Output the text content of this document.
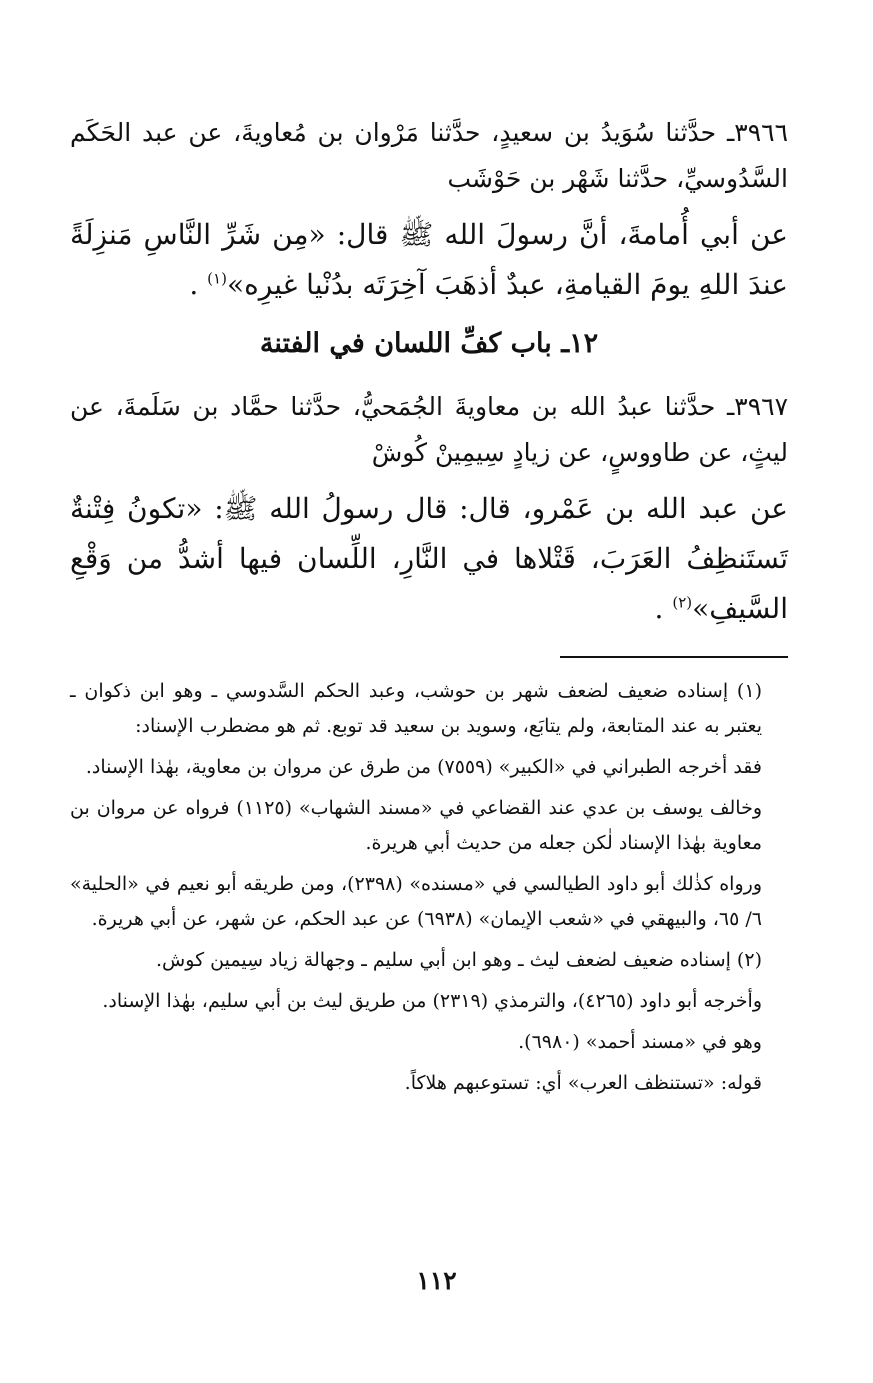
٣٩٦٦ـ حدَّثنا سُوَيدُ بن سعيدٍ، حدَّثنا مَرْوان بن مُعاويةَ، عن عبد الحَكَم السَّدُوسيِّ، حدَّثنا شَهْر بن حَوْشَب

عن أبي أُمامةَ، أنَّ رسولَ الله ﷺ قال: «مِن شَرِّ النَّاسِ مَنزِلَةً عندَ اللهِ يومَ القيامةِ، عبدٌ أذهَبَ آخِرَتَه بدُنْيا غيرِه»$^{(١)}$ .

١٢ـ باب كفِّ اللسان في الفتنة

٣٩٦٧ـ حدَّثنا عبدُ الله بن معاويةَ الجُمَحيُّ، حدَّثنا حمَّاد بن سَلَمةَ، عن ليثٍ، عن طاووسٍ، عن زيادٍ سِيمِينْ كُوشْ

عن عبد الله بن عَمْرو، قال: قال رسولُ الله ﷺ: «تكونُ فِتْنةٌ تَستَنظِفُ العَرَبَ، قَتْلاها في النَّارِ، اللِّسان فيها أشدُّ من وَقْعِ السَّيفِ»$^{(٢)}$ .

(١) إسناده ضعيف لضعف شهر بن حوشب، وعبد الحكم السَّدوسي ـ وهو ابن ذكوان ـ يعتبر به عند المتابعة، ولم يتابَع، وسويد بن سعيد قد توبع. ثم هو مضطرب الإسناد:

فقد أخرجه الطبراني في «الكبير» (٧٥٥٩) من طرق عن مروان بن معاوية، بهٰذا الإسناد.

وخالف يوسف بن عدي عند القضاعي في «مسند الشهاب» (١١٢٥) فرواه عن مروان بن معاوية بهٰذا الإسناد لٰكن جعله من حديث أبي هريرة.

ورواه كذٰلك أبو داود الطيالسي في «مسنده» (٢٣٩٨)، ومن طريقه أبو نعيم في «الحلية» ٦/ ٦٥، والبيهقي في «شعب الإيمان» (٦٩٣٨) عن عبد الحكم، عن شهر، عن أبي هريرة.

(٢) إسناده ضعيف لضعف ليث ـ وهو ابن أبي سليم ـ وجهالة زياد سِيمين كوش.

وأخرجه أبو داود (٤٢٦٥)، والترمذي (٢٣١٩) من طريق ليث بن أبي سليم، بهٰذا الإسناد.

وهو في «مسند أحمد» (٦٩٨٠).

قوله: «تستنظف العرب» أي: تستوعبهم هلاكاً.

١١٢
